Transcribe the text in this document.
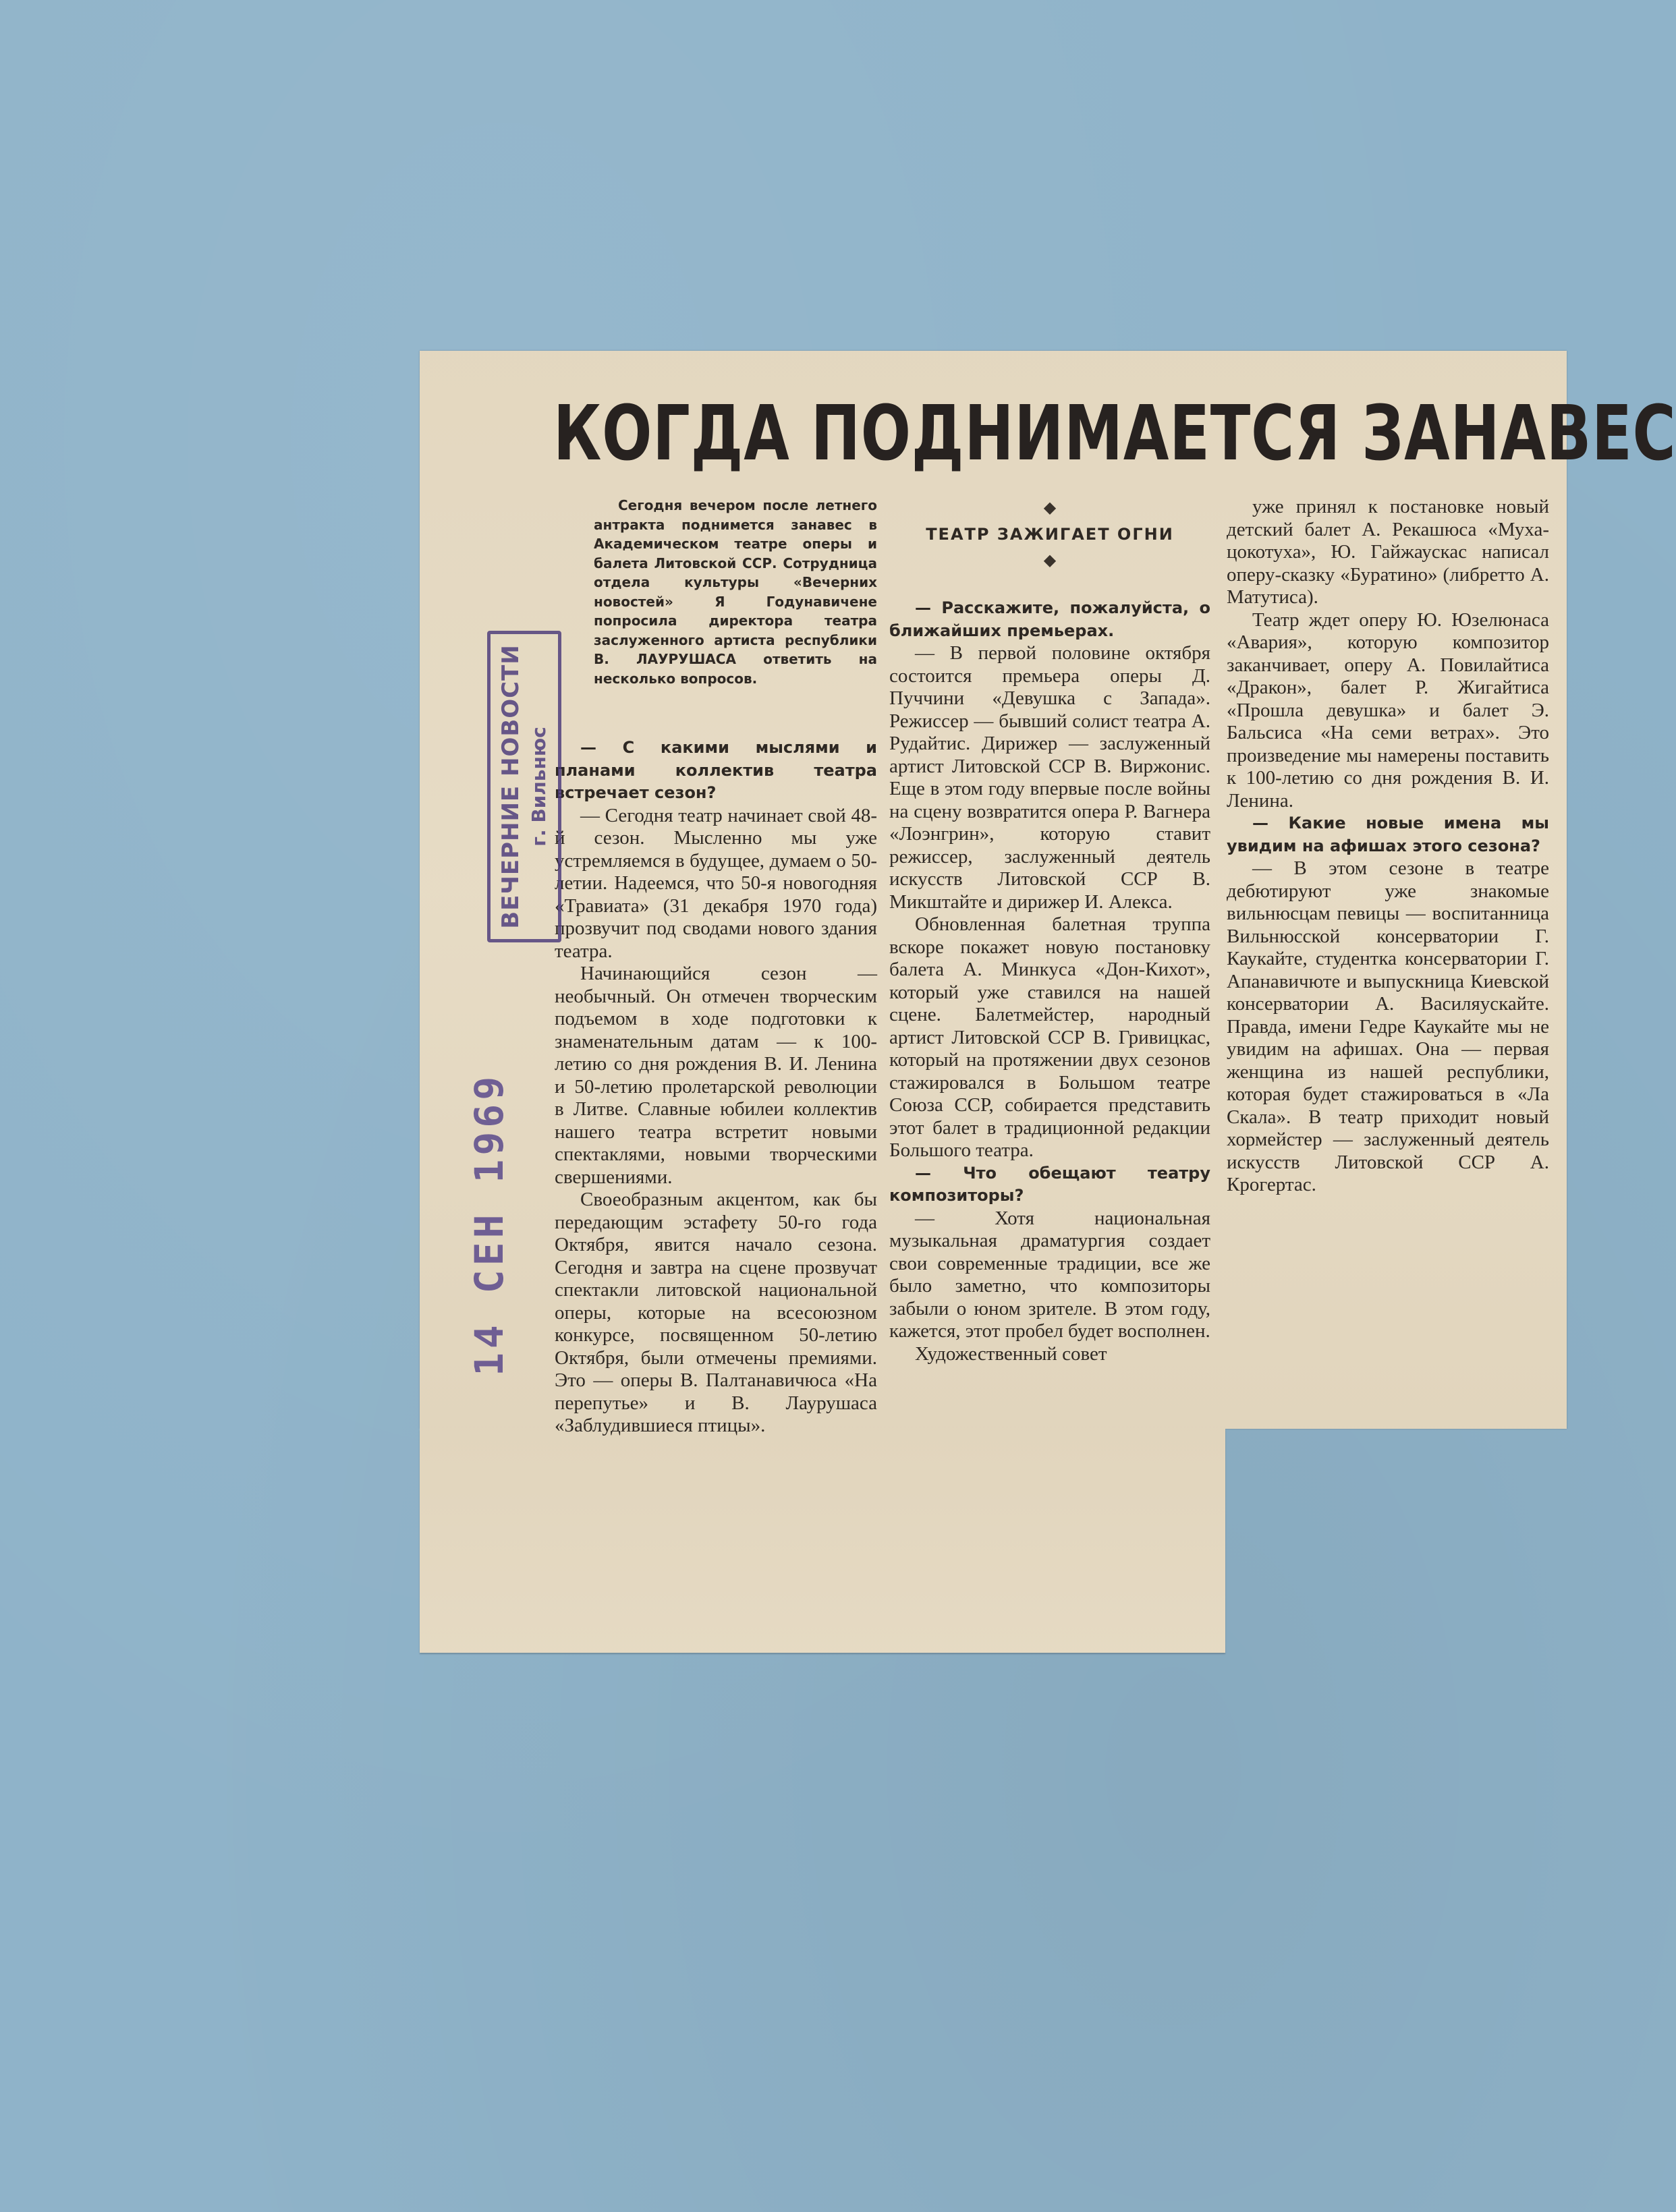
КОГДА ПОДНИМАЕТСЯ ЗАНАВЕС
Сегодня вечером после летнего антракта поднимется занавес в Академическом театре оперы и балета Литовской ССР. Сотрудница отдела культуры «Вечерних новостей» Я Годунавичене попросила директора театра заслуженного артиста республики В. ЛАУРУШАСА ответить на несколько вопросов.
◆
ТЕАТР ЗАЖИГАЕТ ОГНИ
◆

— С какими мыслями и планами коллектив театра встречает сезон?

— Сегодня театр начинает свой 48-й сезон. Мысленно мы уже устремляемся в будущее, думаем о 50-летии. Надеемся, что 50-я новогодняя «Травиата» (31 декабря 1970 года) прозвучит под сводами нового здания театра.

Начинающийся сезон — необычный. Он отмечен творческим подъемом в ходе подготовки к знаменательным датам — к 100-летию со дня рождения В. И. Ленина и 50-летию пролетарской революции в Литве. Славные юбилеи коллектив нашего театра встретит новыми спектаклями, новыми творческими свершениями.

Своеобразным акцентом, как бы передающим эстафету 50-го года Октября, явится начало сезона. Сегодня и завтра на сцене прозвучат спектакли литовской национальной оперы, которые на всесоюзном конкурсе, посвященном 50-летию Октября, были отмечены премиями. Это — оперы В. Палтанавичюса «На перепутье» и В. Лаурушаса «Заблудившиеся птицы».

— Расскажите, пожалуйста, о ближайших премьерах.

— В первой половине октября состоится премьера оперы Д. Пуччини «Девушка с Запада». Режиссер — бывший солист театра А. Рудайтис. Дирижер — заслуженный артист Литовской ССР В. Виржонис. Еще в этом году впервые после войны на сцену возвратится опера Р. Вагнера «Лоэнгрин», которую ставит режиссер, заслуженный деятель искусств Литовской ССР В. Микштайте и дирижер И. Алекса.

Обновленная балетная труппа вскоре покажет новую постановку балета А. Минкуса «Дон-Кихот», который уже ставился на нашей сцене. Балетмейстер, народный артист Литовской ССР В. Гривицкас, который на протяжении двух сезонов стажировался в Большом театре Союза ССР, собирается представить этот балет в традиционной редакции Большого театра.

— Что обещают театру композиторы?

— Хотя национальная музыкальная драматургия создает свои современные традиции, все же было заметно, что композиторы забыли о юном зрителе. В этом году, кажется, этот пробел будет восполнен.

Художественный совет

уже принял к постановке новый детский балет А. Рекашюса «Муха-цокотуха», Ю. Гайжаускас написал оперу-сказку «Буратино» (либретто А. Матутиса).

Театр ждет оперу Ю. Юзелюнаса «Авария», которую композитор заканчивает, оперу А. Повилайтиса «Дракон», балет Р. Жигайтиса «Прошла девушка» и балет Э. Бальсиса «На семи ветрах». Это произведение мы намерены поставить к 100-летию со дня рождения В. И. Ленина.

— Какие новые имена мы увидим на афишах этого сезона?

— В этом сезоне в театре дебютируют уже знакомые вильнюсцам певицы — воспитанница Вильнюсской консерватории Г. Каукайте, студентка консерватории Г. Апанавичюте и выпускница Киевской консерватории А. Василяускайте. Правда, имени Гедре Каукайте мы не увидим на афишах. Она — первая женщина из нашей республики, которая будет стажироваться в «Ла Скала». В театр приходит новый хормейстер — заслуженный деятель искусств Литовской ССР А. Крогертас.

ВЕЧЕРНИЕ НОВОСТИ г. Вильнюс
14 СЕН 1969
